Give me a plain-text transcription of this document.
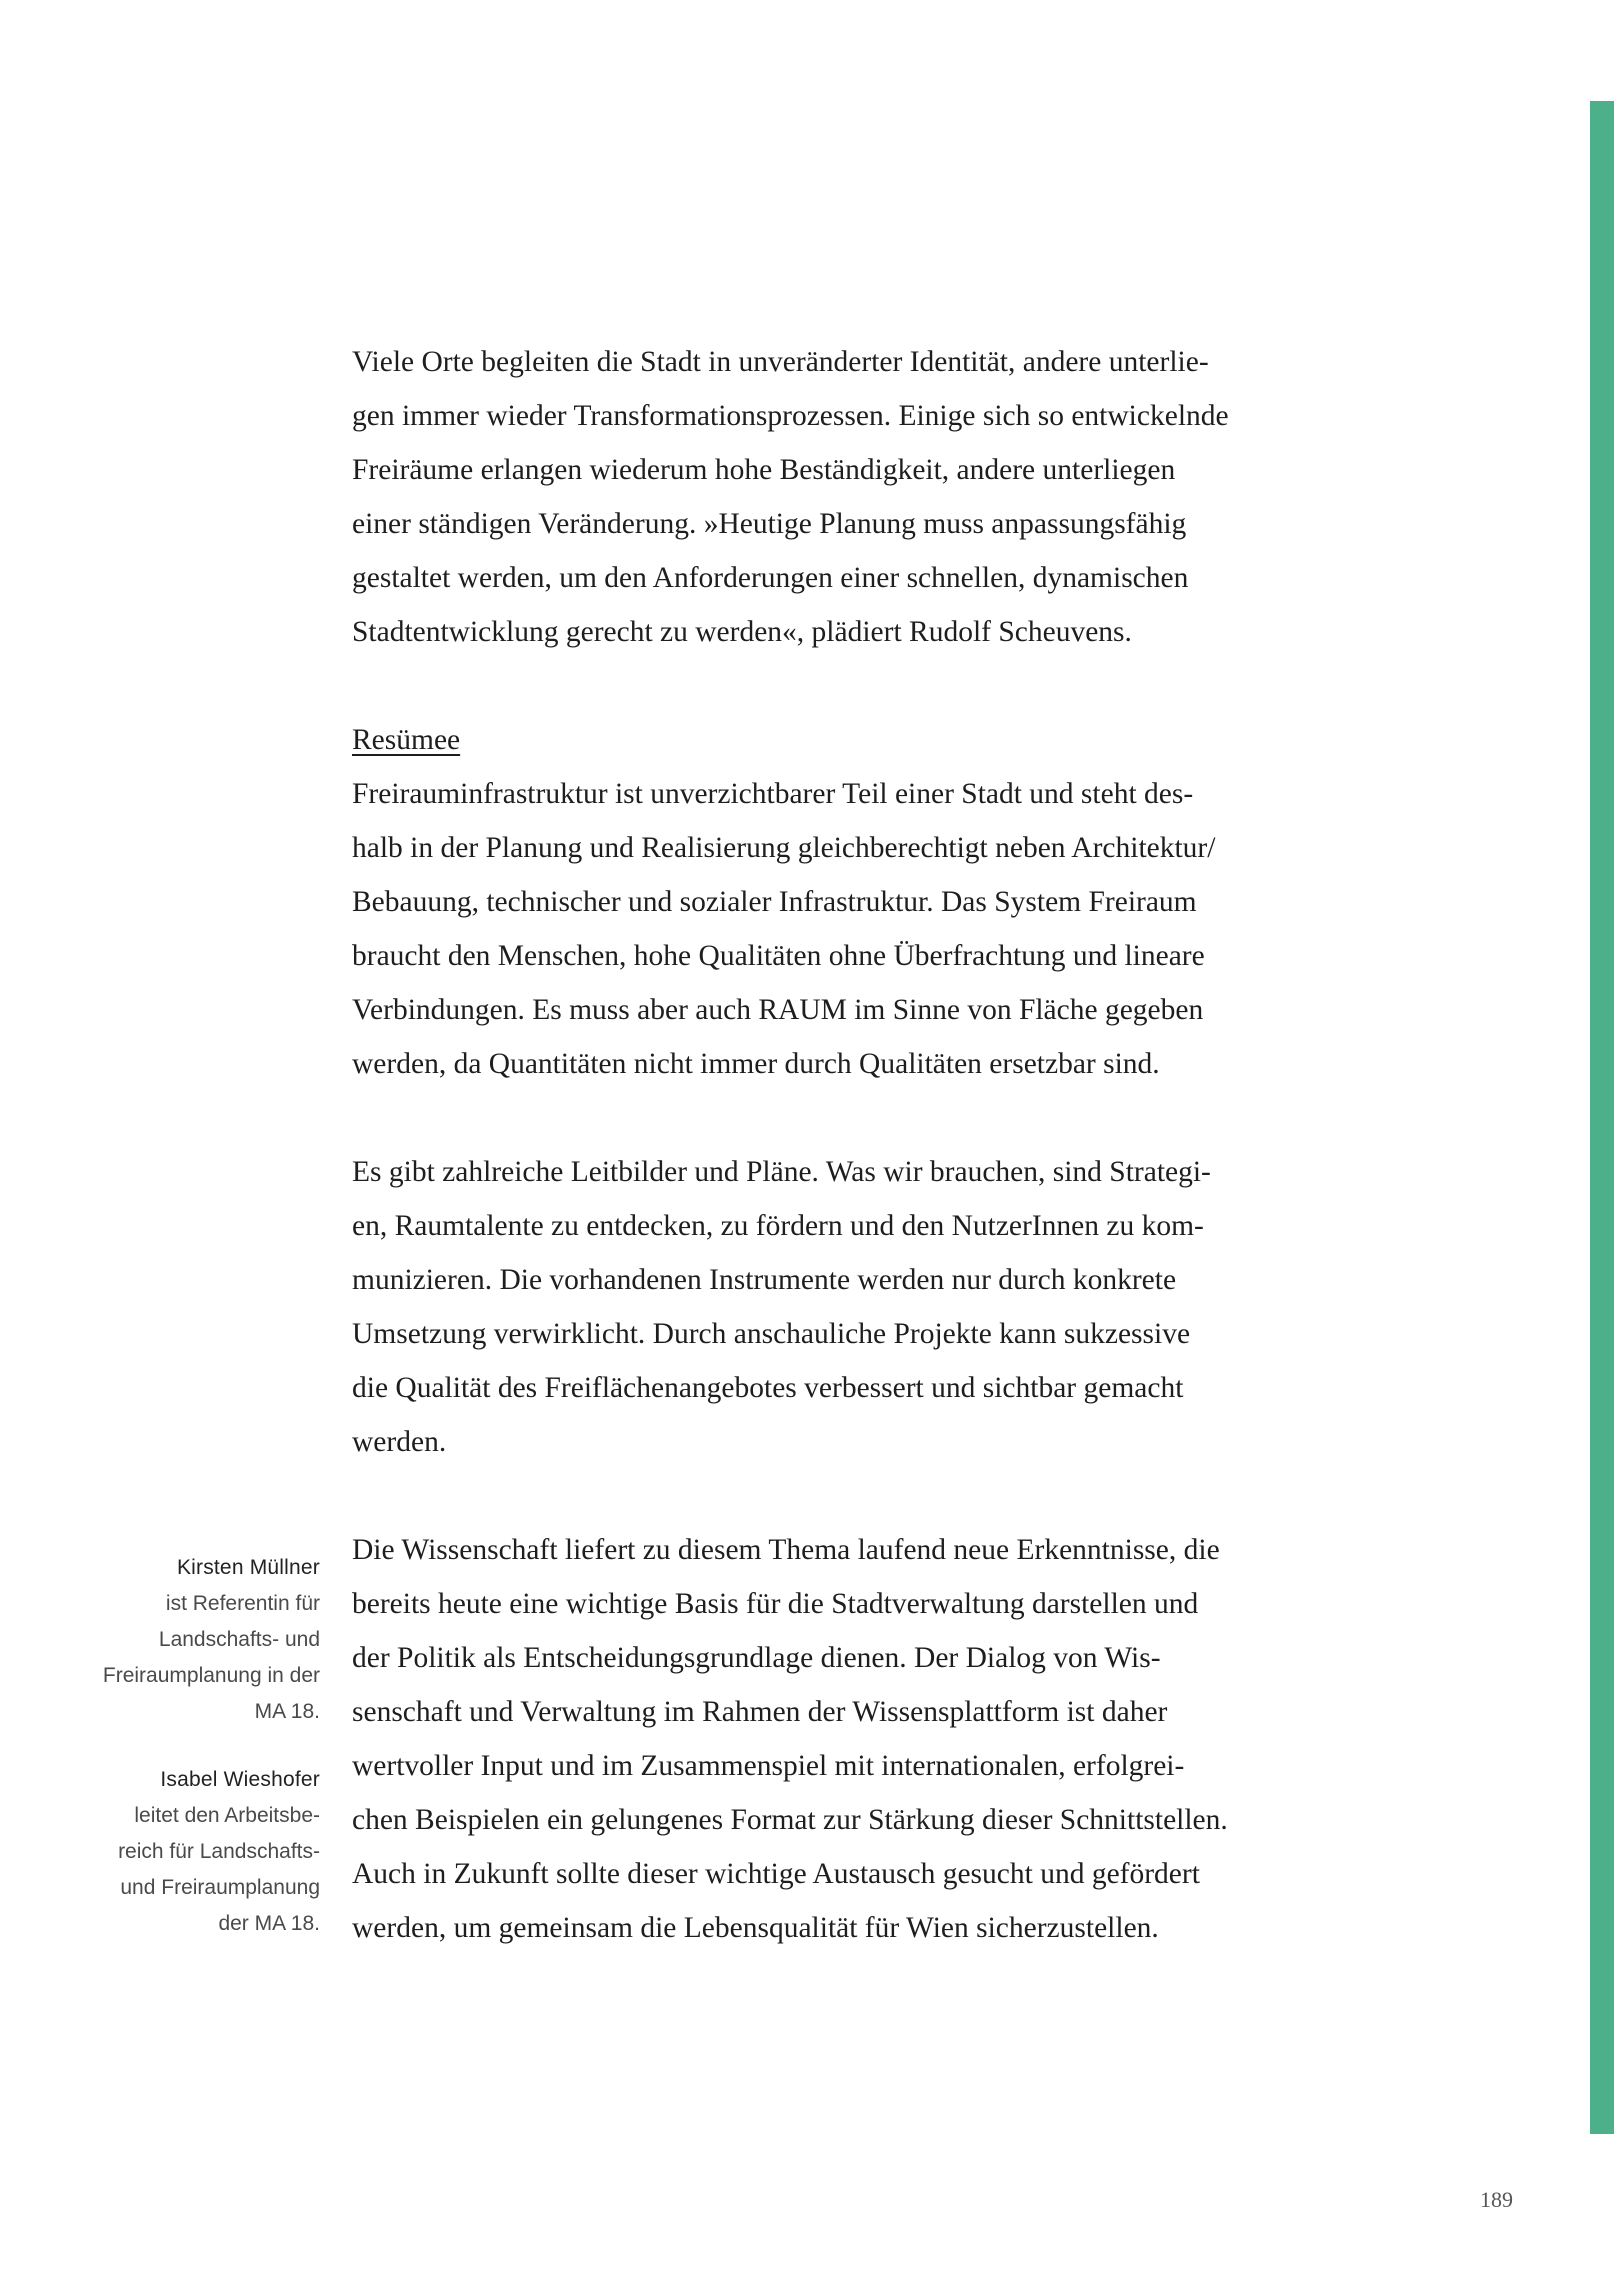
Viele Orte begleiten die Stadt in unveränderter Identität, andere unterlie-
gen immer wieder Transformationsprozessen. Einige sich so entwickelnde
Freiräume erlangen wiederum hohe Beständigkeit, andere unterliegen
einer ständigen Veränderung. »Heutige Planung muss anpassungsfähig
gestaltet werden, um den Anforderungen einer schnellen, dynamischen
Stadtentwicklung gerecht zu werden«, plädiert Rudolf Scheuvens.

Resümee
Freirauminfrastruktur ist unverzichtbarer Teil einer Stadt und steht des-
halb in der Planung und Realisierung gleichberechtigt neben Architektur/
Bebauung, technischer und sozialer Infrastruktur. Das System Freiraum
braucht den Menschen, hohe Qualitäten ohne Überfrachtung und lineare
Verbindungen. Es muss aber auch RAUM im Sinne von Fläche gegeben
werden, da Quantitäten nicht immer durch Qualitäten ersetzbar sind.

Es gibt zahlreiche Leitbilder und Pläne. Was wir brauchen, sind Strategi-
en, Raumtalente zu entdecken, zu fördern und den NutzerInnen zu kom-
munizieren. Die vorhandenen Instrumente werden nur durch konkrete
Umsetzung verwirklicht. Durch anschauliche Projekte kann sukzessive
die Qualität des Freiflächenangebotes verbessert und sichtbar gemacht
werden.

Die Wissenschaft liefert zu diesem Thema laufend neue Erkenntnisse, die
bereits heute eine wichtige Basis für die Stadtverwaltung darstellen und
der Politik als Entscheidungsgrundlage dienen. Der Dialog von Wis-
senschaft und Verwaltung im Rahmen der Wissensplattform ist daher
wertvoller Input und im Zusammenspiel mit internationalen, erfolgrei-
chen Beispielen ein gelungenes Format zur Stärkung dieser Schnittstellen.
Auch in Zukunft sollte dieser wichtige Austausch gesucht und gefördert
werden, um gemeinsam die Lebensqualität für Wien sicherzustellen.

Kirsten Müllner
ist Referentin für
Landschafts- und
Freiraumplanung in der
MA 18.
Isabel Wieshofer
leitet den Arbeitsbe-
reich für Landschafts-
und Freiraumplanung
der MA 18.
189
